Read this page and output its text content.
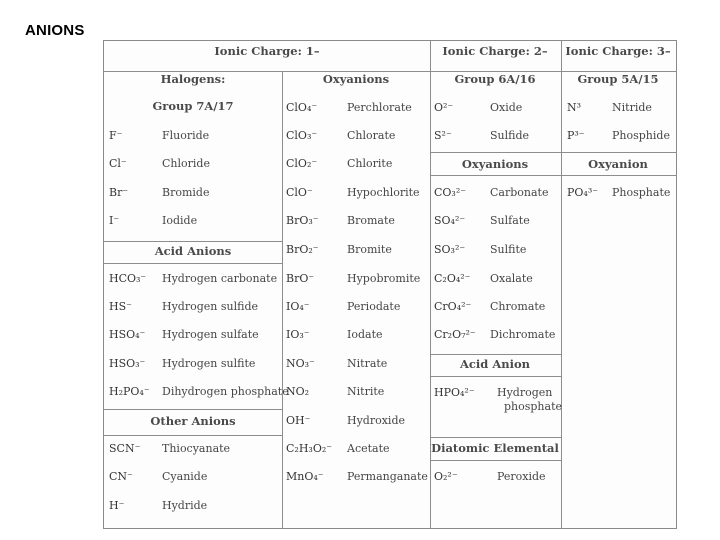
ANIONS
Ionic Charge: 1–	Ionic Charge: 2– Ionic Charge: 3–
Halogens:
Group 7A/17
Oxyanions	Group 6A/16	Group 5A/15
Acid Anions
Other Anions
Oxyanions	Oxyanion
Acid Anion
Diatomic Elemental
F⁻	Fluoride
Cl⁻	Chloride
Br⁻	Bromide
I⁻	Iodide
HCO₃⁻ Hydrogen carbonate
HS⁻	Hydrogen sulfide
HSO₄⁻ Hydrogen sulfate
HSO₃⁻ Hydrogen sulfite
H₂PO₄⁻ Dihydrogen phosphate
SCN⁻ Thiocyanate
CN⁻	Cyanide
H⁻	Hydride
ClO₄⁻	Perchlorate
ClO₃⁻	Chlorate
ClO₂⁻	Chlorite
ClO⁻	Hypochlorite
BrO₃⁻	Bromate
BrO₂⁻	Bromite
BrO⁻	Hypobromite
IO₄⁻	Periodate
IO₃⁻	Iodate
NO₃⁻	Nitrate
NO₂	Nitrite
OH⁻	Hydroxide
C₂H₃O₂⁻ Acetate
MnO₄⁻ Permanganate
O²⁻	Oxide
S²⁻	Sulfide
CO₃²⁻ Carbonate
SO₄²⁻ Sulfate
SO₃²⁻ Sulfite
C₂O₄²⁻ Oxalate
CrO₄²⁻ Chromate
Cr₂O₇²⁻ Dichromate
HPO₄²⁻ Hydrogen
phosphate
O₂²⁻	Peroxide
N³	Nitride
P³⁻ Phosphide
PO₄³⁻ Phosphate
